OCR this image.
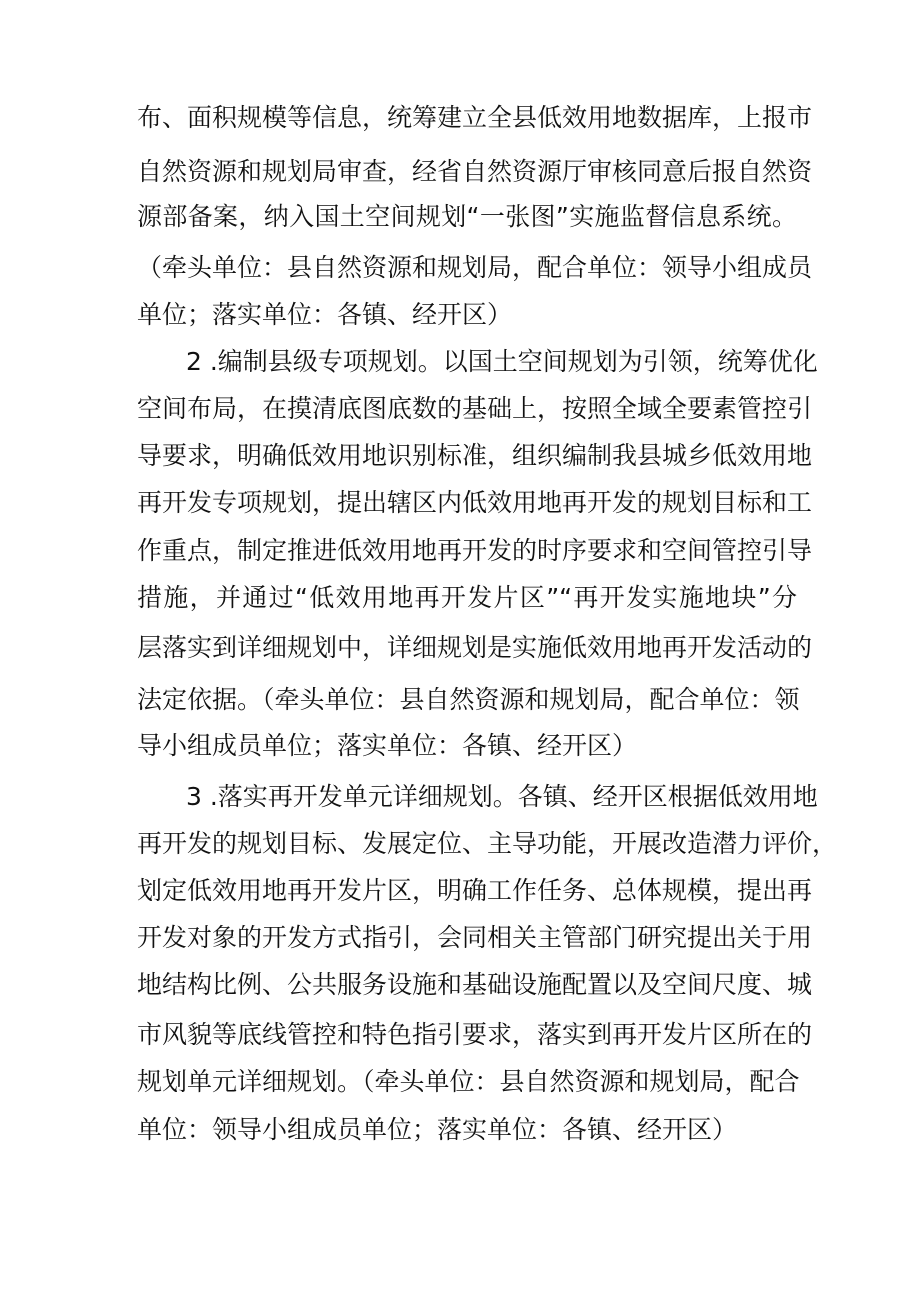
布、面积规模等信息，统筹建立全县低效用地数据库，上报市
自然资源和规划局审查，经省自然资源厅审核同意后报自然资
源部备案，纳入国土空间规划“一张图”实施监督信息系统。
（牵头单位：县自然资源和规划局，配合单位：领导小组成员
单位；落实单位：各镇、经开区）
2 .编制县级专项规划。以国土空间规划为引领，统筹优化
空间布局，在摸清底图底数的基础上，按照全域全要素管控引
导要求，明确低效用地识别标准，组织编制我县城乡低效用地
再开发专项规划，提出辖区内低效用地再开发的规划目标和工
作重点，制定推进低效用地再开发的时序要求和空间管控引导
措施，并通过“低效用地再开发片区”“再开发实施地块”分
层落实到详细规划中，详细规划是实施低效用地再开发活动的
法定依据。（牵头单位：县自然资源和规划局，配合单位：领
导小组成员单位；落实单位：各镇、经开区）
3 .落实再开发单元详细规划。各镇、经开区根据低效用地
再开发的规划目标、发展定位、主导功能，开展改造潜力评价，
划定低效用地再开发片区，明确工作任务、总体规模，提出再
开发对象的开发方式指引，会同相关主管部门研究提出关于用
地结构比例、公共服务设施和基础设施配置以及空间尺度、城
市风貌等底线管控和特色指引要求，落实到再开发片区所在的
规划单元详细规划。（牵头单位：县自然资源和规划局，配合
单位：领导小组成员单位；落实单位：各镇、经开区）
